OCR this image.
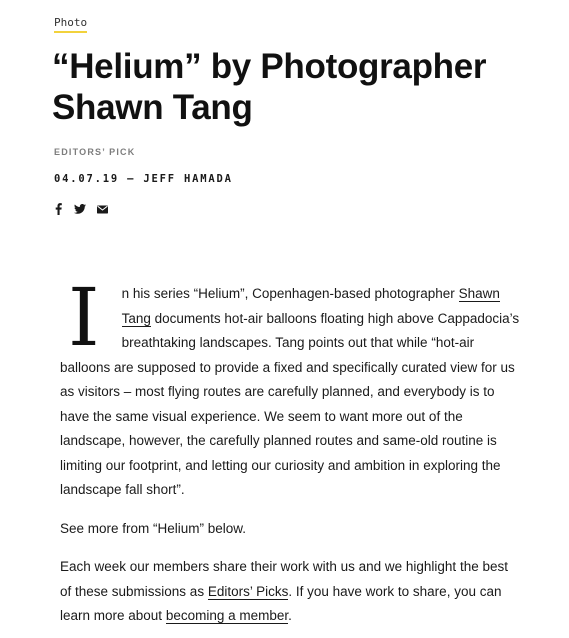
Photo
“Helium” by Photographer Shawn Tang
EDITORS’ PICK
04.07.19 – JEFF HAMADA

I n his series “Helium”, Copenhagen-based photographer Shawn Tang documents hot-air balloons floating high above Cappadocia’s breathtaking landscapes. Tang points out that while “hot-air balloons are supposed to provide a fixed and specifically curated view for us as visitors – most flying routes are carefully planned, and everybody is to have the same visual experience. We seem to want more out of the landscape, however, the carefully planned routes and same-old routine is limiting our footprint, and letting our curiosity and ambition in exploring the landscape fall short”.

See more from “Helium” below.

Each week our members share their work with us and we highlight the best of these submissions as Editors’ Picks. If you have work to share, you can learn more about becoming a member.
